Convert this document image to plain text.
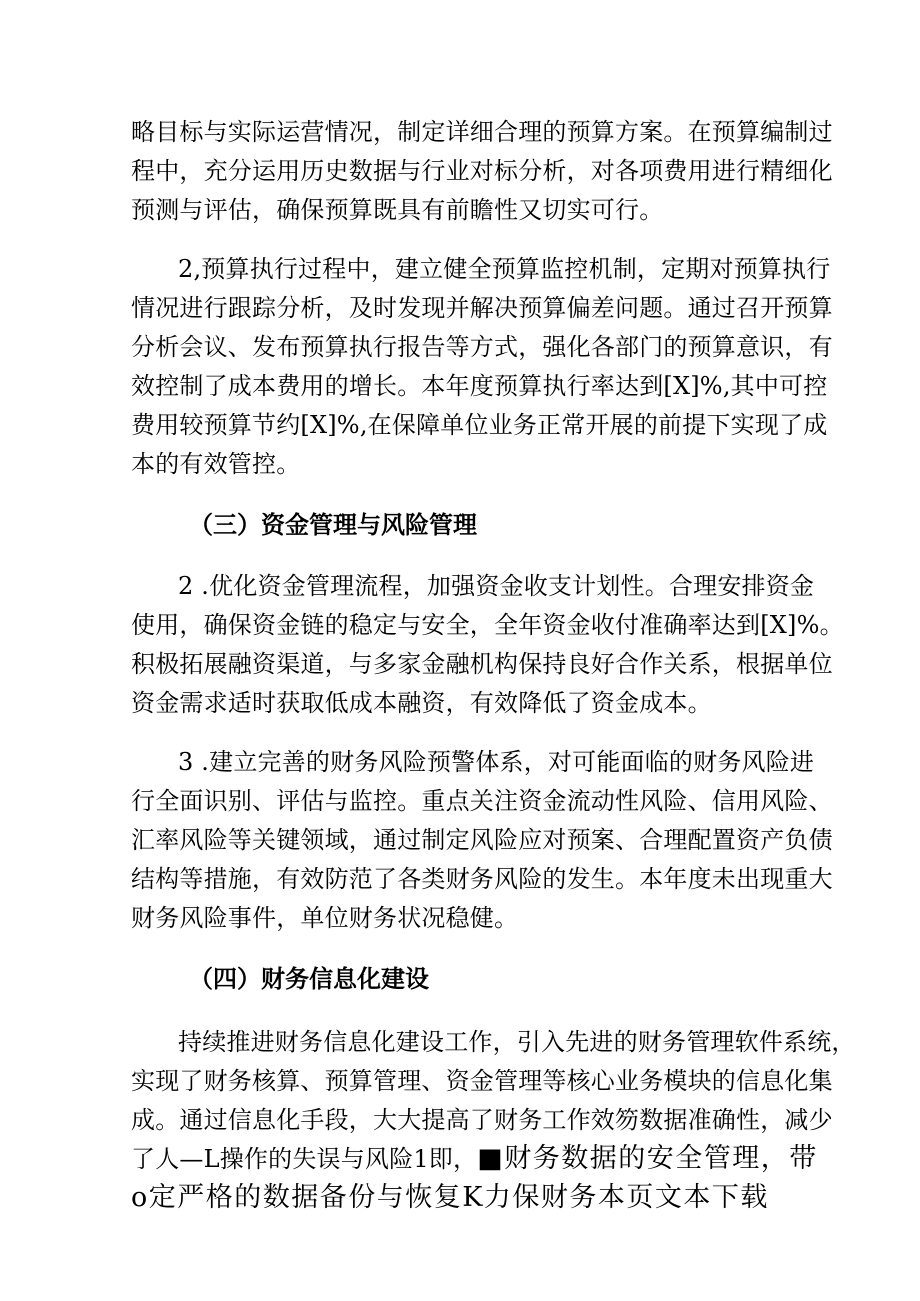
略目标与实际运营情况，制定详细合理的预算方案。在预算编制过
程中，充分运用历史数据与行业对标分析，对各项费用进行精细化
预测与评估，确保预算既具有前瞻性又切实可行。
2,预算执行过程中，建立健全预算监控机制，定期对预算执行
情况进行跟踪分析，及时发现并解决预算偏差问题。通过召开预算
分析会议、发布预算执行报告等方式，强化各部门的预算意识，有
效控制了成本费用的增长。本年度预算执行率达到[X]%,其中可控
费用较预算节约[X]%,在保障单位业务正常开展的前提下实现了成
本的有效管控。
（三）资金管理与风险管理
2 .优化资金管理流程，加强资金收支计划性。合理安排资金
使用，确保资金链的稳定与安全，全年资金收付准确率达到[X]%。
积极拓展融资渠道，与多家金融机构保持良好合作关系，根据单位
资金需求适时获取低成本融资，有效降低了资金成本。
3 .建立完善的财务风险预警体系，对可能面临的财务风险进
行全面识别、评估与监控。重点关注资金流动性风险、信用风险、
汇率风险等关键领域，通过制定风险应对预案、合理配置资产负债
结构等措施，有效防范了各类财务风险的发生。本年度未出现重大
财务风险事件，单位财务状况稳健。
（四）财务信息化建设
持续推进财务信息化建设工作，引入先进的财务管理软件系统，
实现了财务核算、预算管理、资金管理等核心业务模块的信息化集
成。通过信息化手段，大大提高了财务工作效笏数据准确性，减少
了人—L操作的失误与风险1即，■财务数据的安全管理，带
o定严格的数据备份与恢复K力保财务本页文本下载
